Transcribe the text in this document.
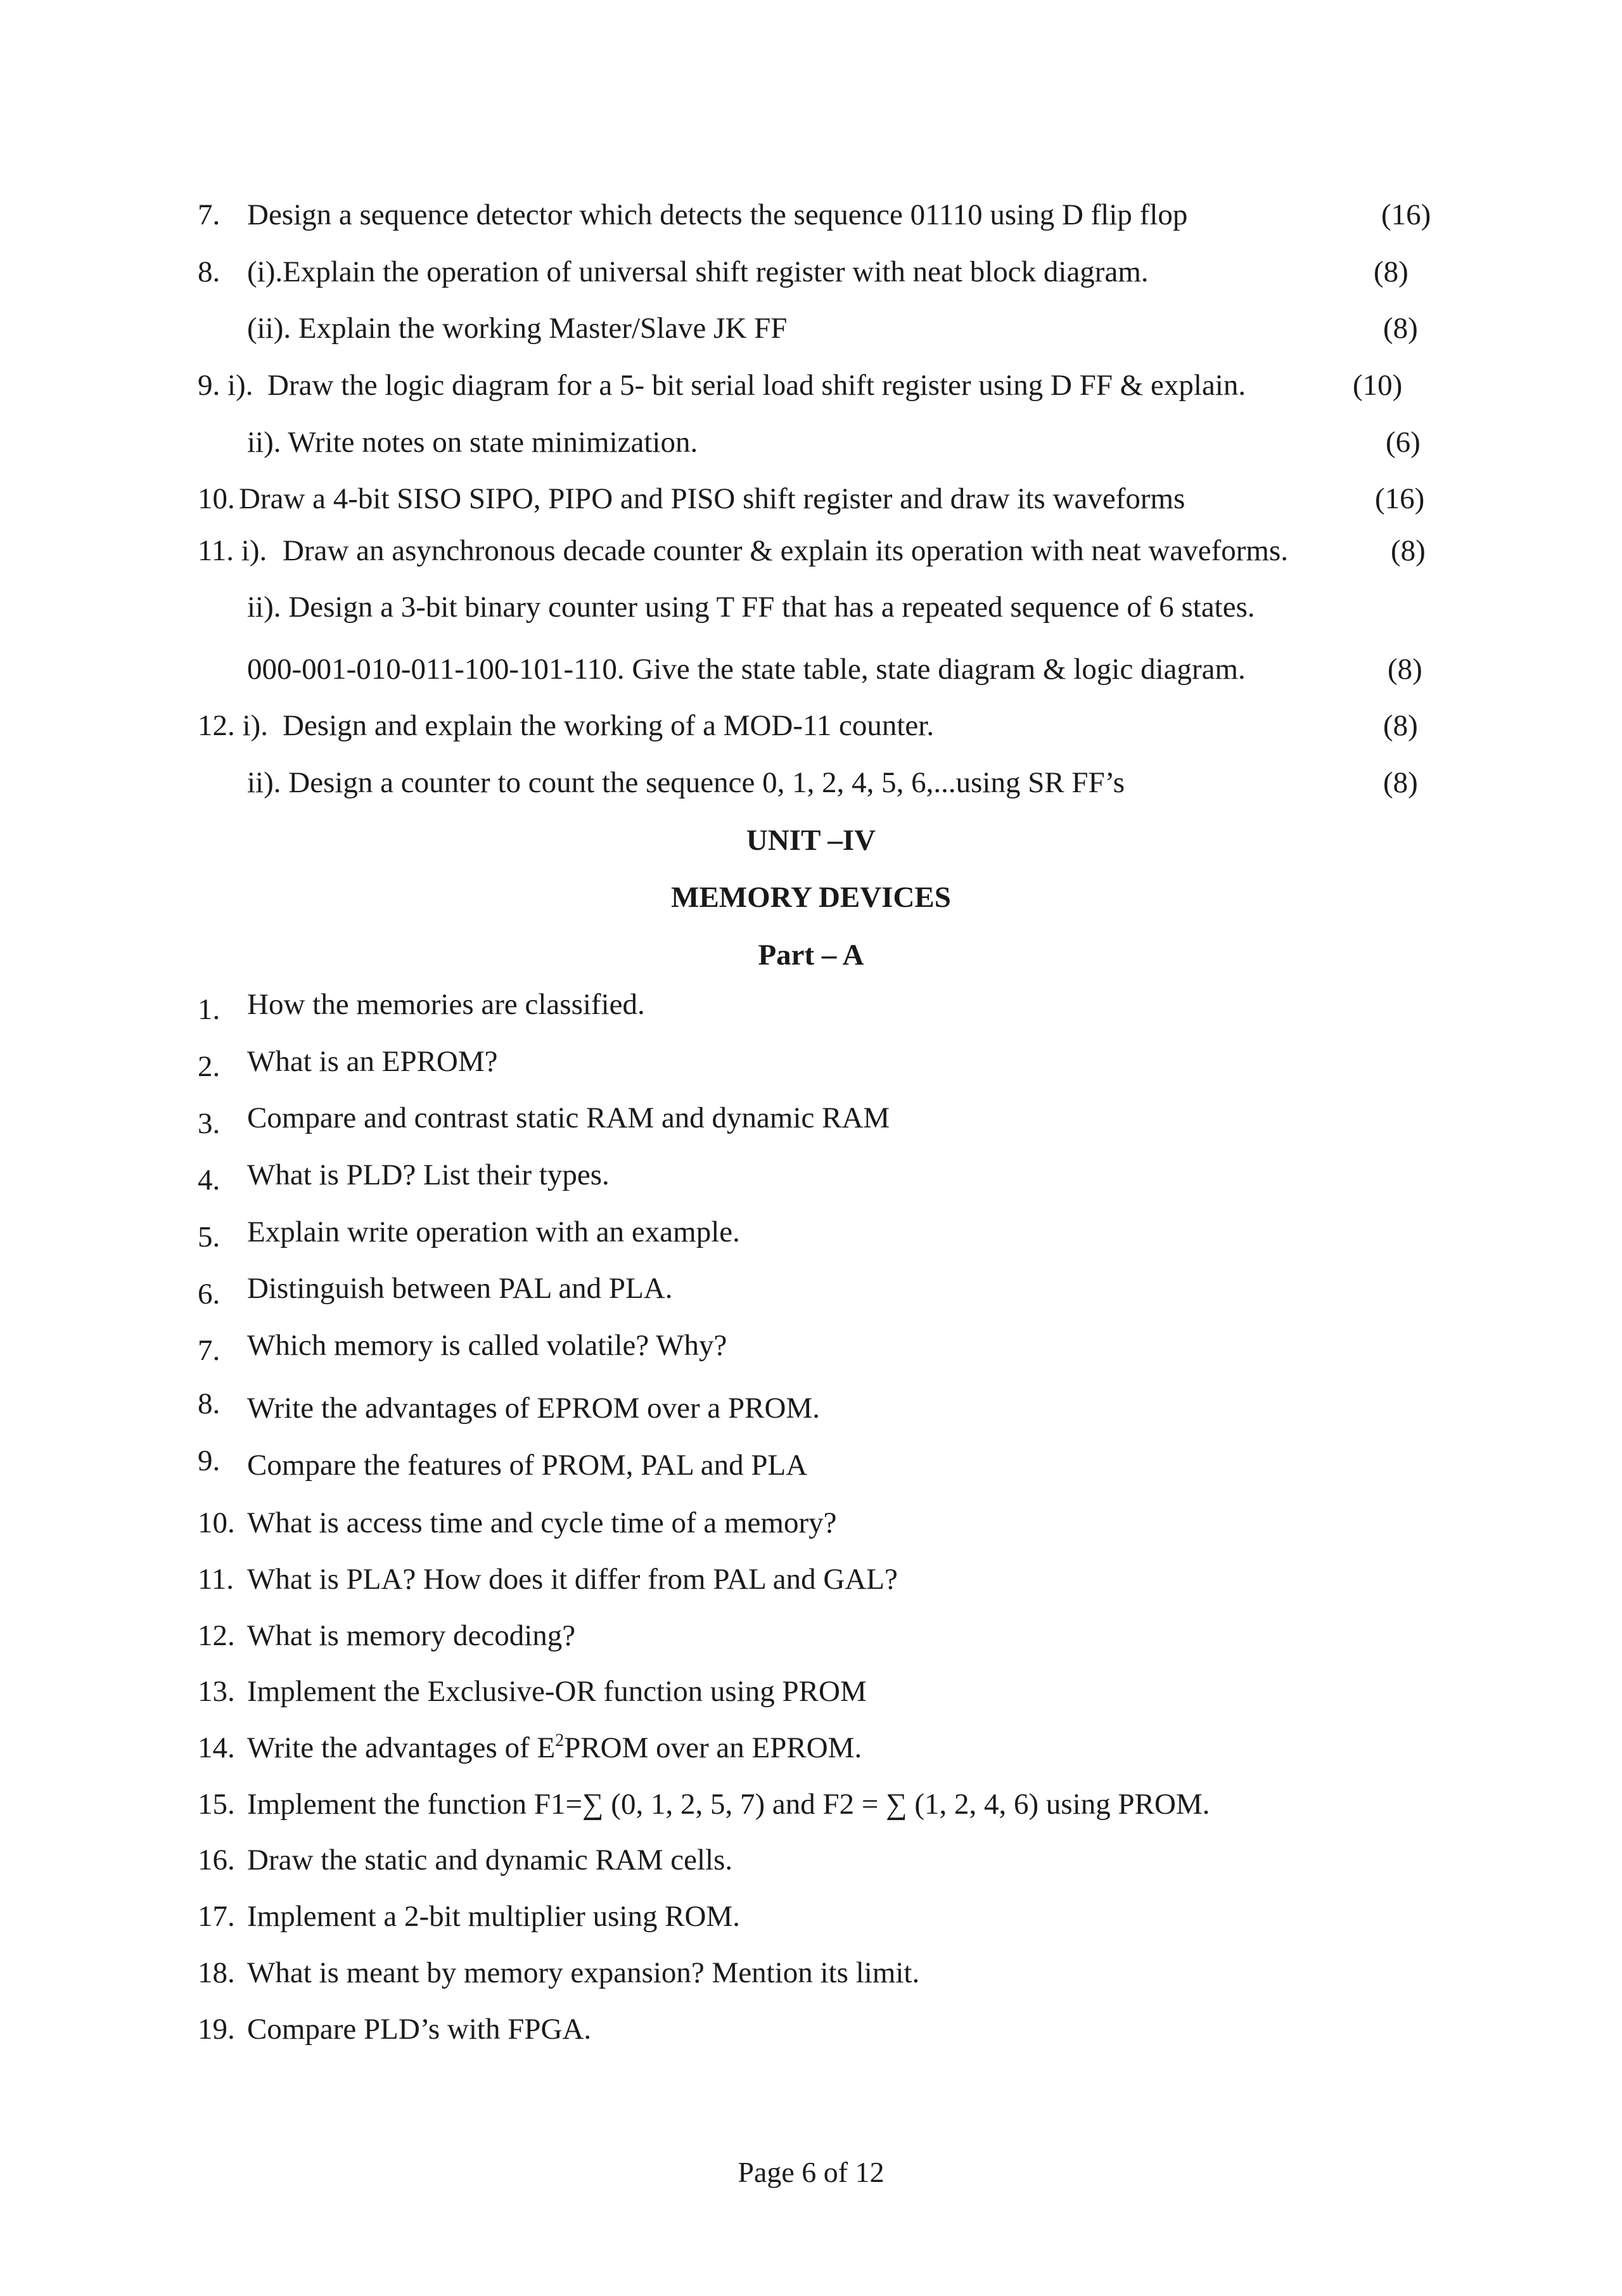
7. Design a sequence detector which detects the sequence 01110 using D flip flop	(16)
8. (i).Explain the operation of universal shift register with neat block diagram.	(8)
(ii). Explain the working Master/Slave JK FF	(8)
9. i). Draw the logic diagram for a 5- bit serial load shift register using D FF & explain.	(10)
ii). Write notes on state minimization.	(6)
10. Draw a 4-bit SISO SIPO, PIPO and PISO shift register and draw its waveforms	(16)
11. i). Draw an asynchronous decade counter & explain its operation with neat waveforms.	(8)
ii). Design a 3-bit binary counter using T FF that has a repeated sequence of 6 states.
000-001-010-011-100-101-110. Give the state table, state diagram & logic diagram.	(8)
12. i). Design and explain the working of a MOD-11 counter.	(8)
ii). Design a counter to count the sequence 0, 1, 2, 4, 5, 6,...using SR FF’s	(8)
UNIT –IV
MEMORY DEVICES
Part – A
1. How the memories are classified.
2. What is an EPROM?
3. Compare and contrast static RAM and dynamic RAM
4. What is PLD? List their types.
5. Explain write operation with an example.
6. Distinguish between PAL and PLA.
7. Which memory is called volatile? Why?
8. Write the advantages of EPROM over a PROM.
9. Compare the features of PROM, PAL and PLA
10. What is access time and cycle time of a memory?
11. What is PLA? How does it differ from PAL and GAL?
12. What is memory decoding?
13. Implement the Exclusive-OR function using PROM
14. Write the advantages of $E^2PROM$ over an EPROM.
15. Implement the function F1=∑ (0, 1, 2, 5, 7) and F2 = ∑ (1, 2, 4, 6) using PROM.
16. Draw the static and dynamic RAM cells.
17. Implement a 2-bit multiplier using ROM.
18. What is meant by memory expansion? Mention its limit.
19. Compare PLD’s with FPGA.
Page 6 of 12
